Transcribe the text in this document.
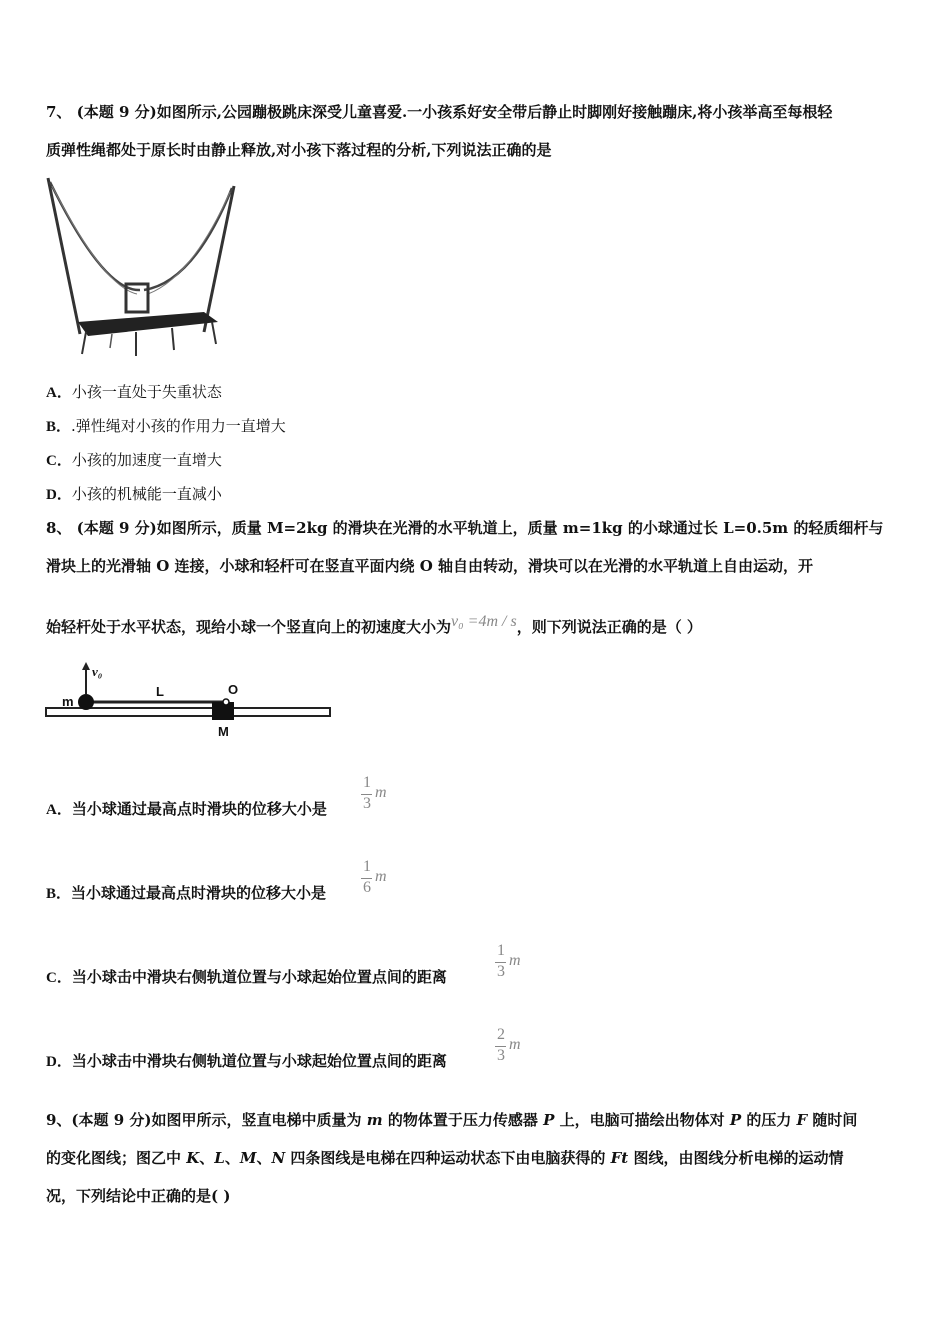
7、 (本题 9 分)如图所示,公园蹦极跳床深受儿童喜爱.一小孩系好安全带后静止时脚刚好接触蹦床,将小孩举高至每根轻
质弹性绳都处于原长时由静止释放,对小孩下落过程的分析,下列说法正确的是
A．小孩一直处于失重状态
B．.弹性绳对小孩的作用力一直增大
C．小孩的加速度一直增大
D．小孩的机械能一直减小
8、 (本题 9 分)如图所示，质量 M=2kg 的滑块在光滑的水平轨道上，质量 m=1kg 的小球通过长 L=0.5m 的轻质细杆与
滑块上的光滑轴 O 连接，小球和轻杆可在竖直平面内绕 O 轴自由转动，滑块可以在光滑的水平轨道上自由运动，开
始轻杆处于水平状态，现给小球一个竖直向上的初速度大小为v₀ =4m / s，则下列说法正确的是（ ）
v₀
m
L	O
M
A．当小球通过最高点时滑块的位移大小是
1
3
m
B．当小球通过最高点时滑块的位移大小是
1
6
m
C．当小球击中滑块右侧轨道位置与小球起始位置点间的距离
1
3
m
D．当小球击中滑块右侧轨道位置与小球起始位置点间的距离
2
3
m
9、(本题 9 分)如图甲所示，竖直电梯中质量为 m 的物体置于压力传感器 P 上，电脑可描绘出物体对 P 的压力 F 随时间
的变化图线；图乙中 K、L、M、N 四条图线是电梯在四种运动状态下由电脑获得的 Ft 图线，由图线分析电梯的运动情
况，下列结论中正确的是( )
